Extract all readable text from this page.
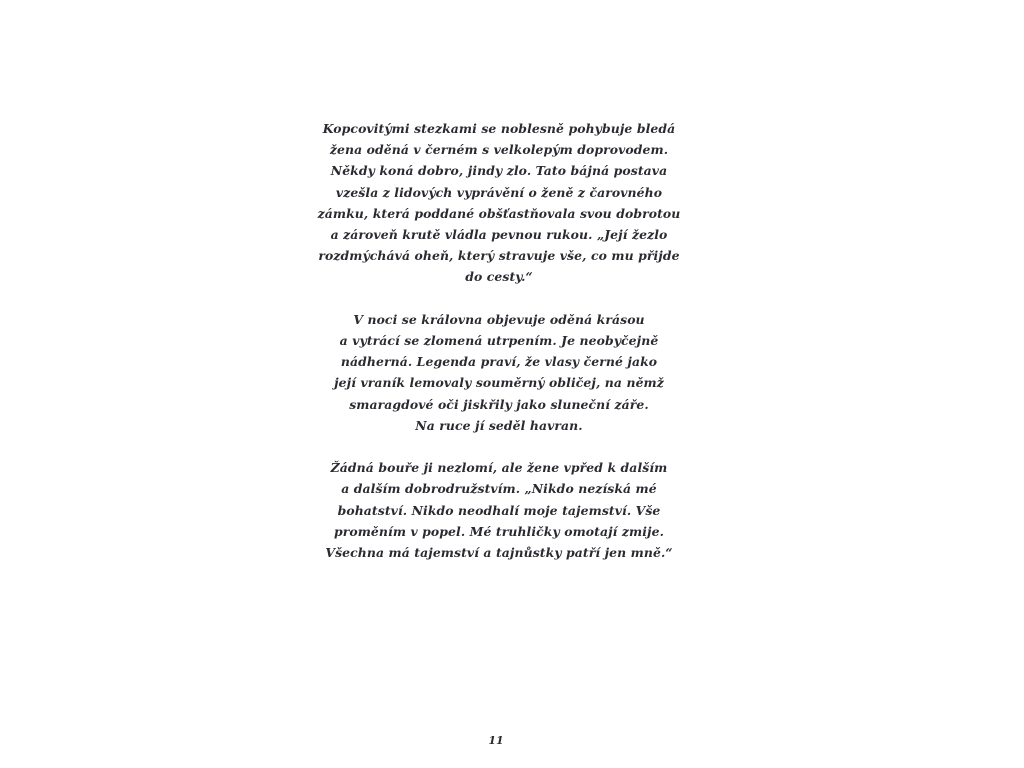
Kopcovitými stezkami se noblesně pohybuje bledá
žena oděná v černém s velkolepým doprovodem.
Někdy koná dobro, jindy zlo. Tato bájná postava
vzešla z lidových vyprávění o ženě z čarovného
zámku, která poddané obšťastňovala svou dobrotou
a zároveň krutě vládla pevnou rukou. „Její žezlo
rozdmýchává oheň, který stravuje vše, co mu přijde
do cesty.“

V noci se královna objevuje oděná krásou
a vytrácí se zlomená utrpením. Je neobyčejně
nádherná. Legenda praví, že vlasy černé jako
její vraník lemovaly souměrný obličej, na němž
smaragdové oči jiskřily jako sluneční záře.
Na ruce jí seděl havran.

Žádná bouře ji nezlomí, ale žene vpřed k dalším
a dalším dobrodružstvím. „Nikdo nezíská mé
bohatství. Nikdo neodhalí moje tajemství. Vše
proměním v popel. Mé truhličky omotají zmije.
Všechna má tajemství a tajnůstky patří jen mně.“

11
